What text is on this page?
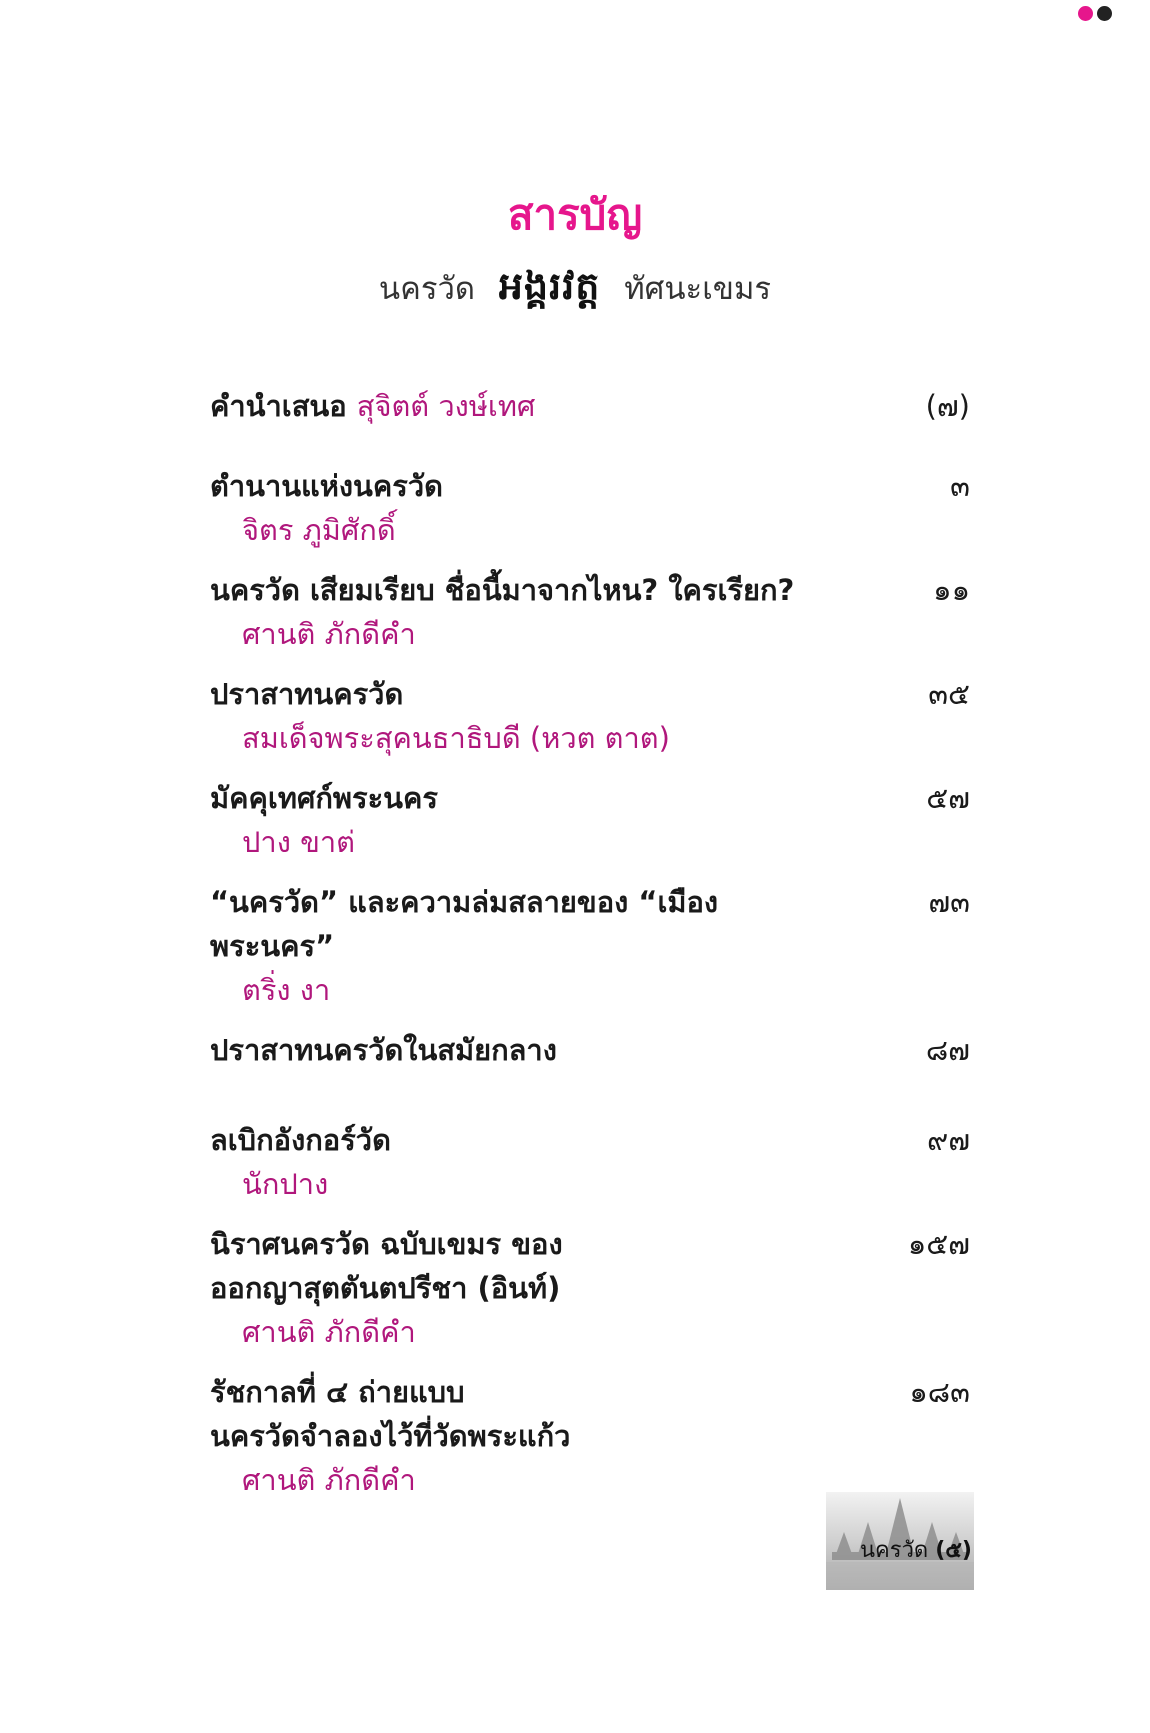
สารบัญ
นครวัด អង្គរវត្ត ทัศนะเขมร
คำนำเสนอ สุจิตต์ วงษ์เทศ	(๗)
ตำนานแห่งนครวัด
จิตร ภูมิศักดิ์
๓
นครวัด เสียมเรียบ ชื่อนี้มาจากไหน? ใครเรียก?
ศานติ ภักดีคำ
๑๑
ปราสาทนครวัด
สมเด็จพระสุคนธาธิบดี (หวต ตาต)
๓๕
มัคคุเทศก์พระนคร
ปาง ขาต่
๕๗
“นครวัด” และความล่มสลายของ “เมืองพระนคร”
ตริ่ง งา
๗๓
ปราสาทนครวัดในสมัยกลาง	๘๗
ลเบิกอังกอร์วัด
นักปาง
๙๗
นิราศนครวัด ฉบับเขมร ของ
ออกญาสุตตันตปรีชา (อินท์)
ศานติ ภักดีคำ
๑๕๗
รัชกาลที่ ๔ ถ่ายแบบ
นครวัดจำลองไว้ที่วัดพระแก้ว
ศานติ ภักดีคำ
๑๘๓
นครวัด (๕)
